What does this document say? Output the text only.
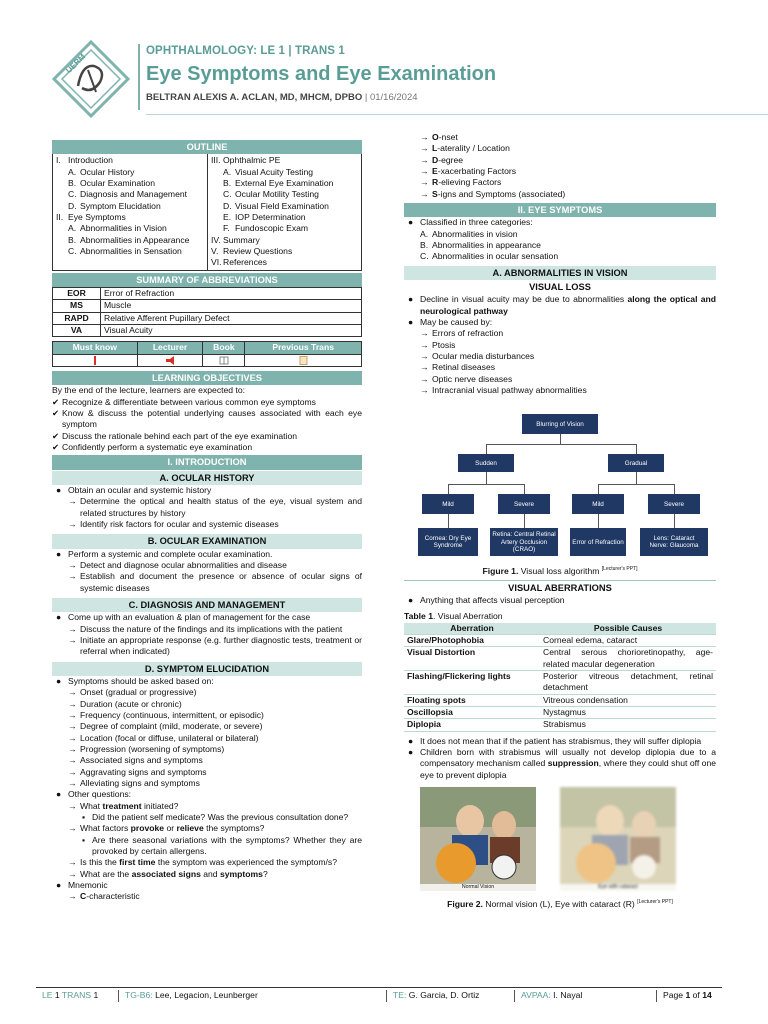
UERM
OPHTHALMOLOGY: LE 1 | TRANS 1
Eye Symptoms and Eye Examination
BELTRAN ALEXIS A. ACLAN, MD, MHCM, DPBO | 01/16/2024
OUTLINE
I. Introduction
A. Ocular History
B. Ocular Examination
C. Diagnosis and Management
D. Symptom Elucidation
II. Eye Symptoms
A. Abnormalities in Vision
B. Abnormalities in Appearance
C. Abnormalities in Sensation
III. Ophthalmic PE
A. Visual Acuity Testing
B. External Eye Examination
C. Ocular Motility Testing
D. Visual Field Examination
E. IOP Determination
F. Fundoscopic Exam
IV. Summary
V. Review Questions
VI. References
SUMMARY OF ABBREVIATIONS
EOR	Error of Refraction
MS	Muscle
RAPD	Relative Afferent Pupillary Defect
VA	Visual Acuity
Must know	Lecturer	Book	Previous Trans

LEARNING OBJECTIVES
By the end of the lecture, learners are expected to:
✔ Recognize & differentiate between various common eye symptoms
✔ Know & discuss the potential underlying causes associated with each eye symptom
✔ Discuss the rationale behind each part of the eye examination
✔ Confidently perform a systematic eye examination
I. INTRODUCTION
A. OCULAR HISTORY
● Obtain an ocular and systemic history
→ Determine the optical and health status of the eye, visual system and related structures by history
→ Identify risk factors for ocular and systemic diseases
B. OCULAR EXAMINATION
● Perform a systemic and complete ocular examination.
→ Detect and diagnose ocular abnormalities and disease
→ Establish and document the presence or absence of ocular signs of systemic diseases
C. DIAGNOSIS AND MANAGEMENT
● Come up with an evaluation & plan of management for the case
→ Discuss the nature of the findings and its implications with the patient
→ Initiate an appropriate response (e.g. further diagnostic tests, treatment or referral when indicated)
D. SYMPTOM ELUCIDATION
● Symptoms should be asked based on:
→ Onset (gradual or progressive)
→ Duration (acute or chronic)
→ Frequency (continuous, intermittent, or episodic)
→ Degree of complaint (mild, moderate, or severe)
→ Location (focal or diffuse, unilateral or bilateral)
→ Progression (worsening of symptoms)
→ Associated signs and symptoms
→ Aggravating signs and symptoms
→ Alleviating signs and symptoms
● Other questions:
→ What treatment initiated?
▪ Did the patient self medicate? Was the previous consultation done?
→ What factors provoke or relieve the symptoms?
▪ Are there seasonal variations with the symptoms? Whether they are provoked by certain allergens.
→ Is this the first time the symptom was experienced the symptom/s?
→ What are the associated signs and symptoms?
● Mnemonic
→ C-characteristic
→ O-nset
→ L-aterality / Location
→ D-egree
→ E-xacerbating Factors
→ R-elieving Factors
→ S-igns and Symptoms (associated)
II. EYE SYMPTOMS
● Classified in three categories:
A. Abnormalities in vision
B. Abnormalities in appearance
C. Abnormalities in ocular sensation
A. ABNORMALITIES IN VISION
VISUAL LOSS
● Decline in visual acuity may be due to abnormalities along the optical and neurological pathway
● May be caused by:
→ Errors of refraction
→ Ptosis
→ Ocular media disturbances
→ Retinal diseases
→ Optic nerve diseases
→ Intracranial visual pathway abnormalities
Blurring of Vision
Sudden	Gradual
Mild	Severe	Mild	Severe
Cornea: Dry Eye Syndrome
Retina: Central Retinal Artery Occlusion (CRAO)
Error of Refraction
Lens: Cataract
Nerve: Glaucoma
Figure 1. Visual loss algorithm [Lecturer's PPT]
VISUAL ABERRATIONS
● Anything that affects visual perception
Table 1. Visual Aberration
Aberration	Possible Causes
Glare/Photophobia	Corneal edema, cataract
Visual Distortion	Central serous chorioretinopathy, age-related macular degeneration
Flashing/Flickering lights	Posterior vitreous detachment, retinal detachment
Floating spots	Vitreous condensation
Oscillopsia	Nystagmus
Diplopia	Strabismus
● It does not mean that if the patient has strabismus, they will suffer diplopia
● Children born with strabismus will usually not develop diplopia due to a compensatory mechanism called suppression, where they could shut off one eye to prevent diplopia
Normal Vision	Eye with cataract
Figure 2. Normal vision (L), Eye with cataract (R) [Lecturer's PPT]
LE 1 TRANS 1	TG-B6: Lee, Legacion, Leunberger	TE: G. Garcia, D. Ortiz	AVPAA: I. Nayal	Page 1 of 14
